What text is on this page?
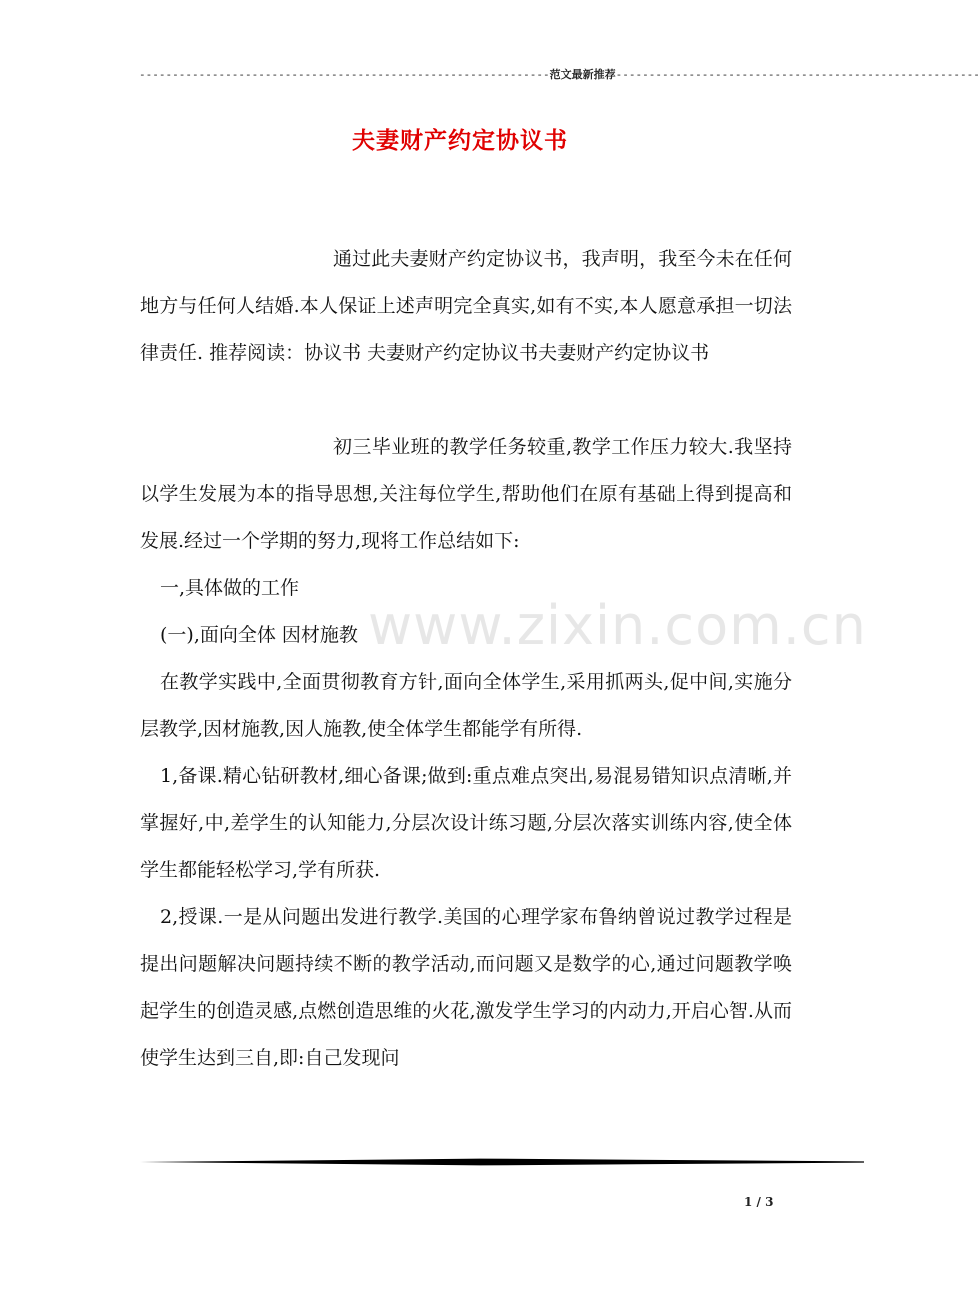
--------------------------------------------------------------范文最新推荐-------------------------------------------------------
夫妻财产约定协议书

通过此夫妻财产约定协议书，我声明，我至今未在任何地方与任何人结婚.本人保证上述声明完全真实,如有不实,本人愿意承担一切法律责任. 推荐阅读：协议书 夫妻财产约定协议书夫妻财产约定协议书

初三毕业班的教学任务较重,教学工作压力较大.我坚持以学生发展为本的指导思想,关注每位学生,帮助他们在原有基础上得到提高和发展.经过一个学期的努力,现将工作总结如下:

一,具体做的工作

(一),面向全体 因材施教

在教学实践中,全面贯彻教育方针,面向全体学生,采用抓两头,促中间,实施分层教学,因材施教,因人施教,使全体学生都能学有所得.

1,备课.精心钻研教材,细心备课;做到:重点难点突出,易混易错知识点清晰,并掌握好,中,差学生的认知能力,分层次设计练习题,分层次落实训练内容,使全体学生都能轻松学习,学有所获.

2,授课.一是从问题出发进行教学.美国的心理学家布鲁纳曾说过教学过程是提出问题解决问题持续不断的教学活动,而问题又是数学的心,通过问题教学唤起学生的创造灵感,点燃创造思维的火花,激发学生学习的内动力,开启心智.从而使学生达到三自,即:自己发现问

www.zixin.com.cn
1 / 3
